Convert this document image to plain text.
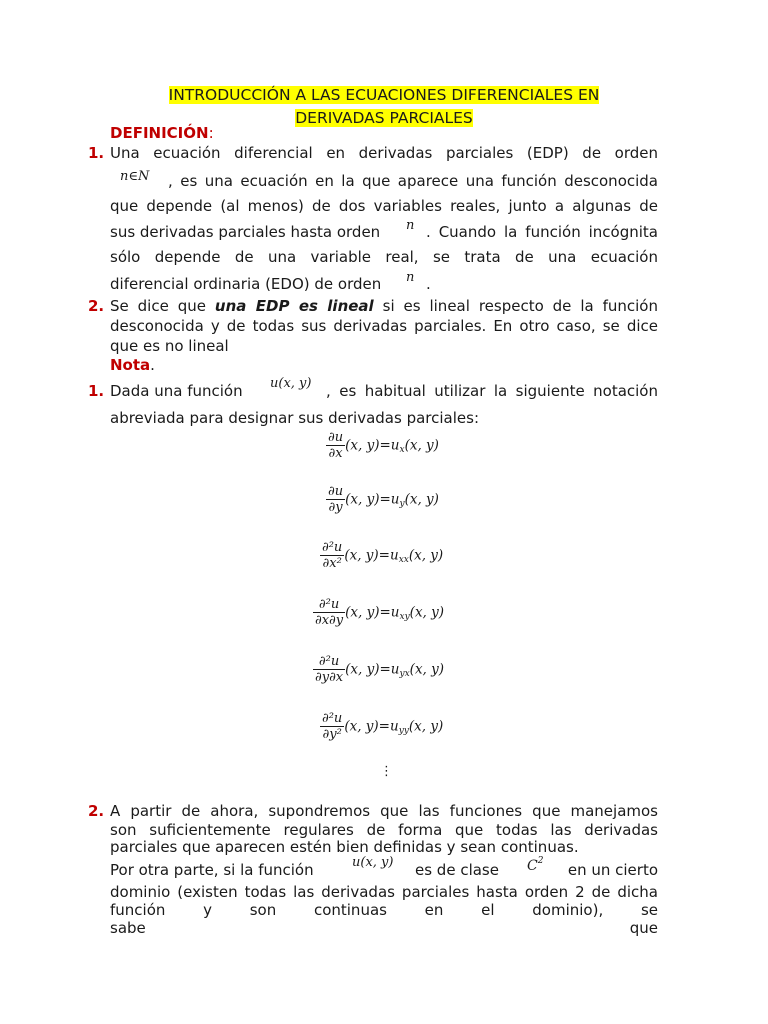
INTRODUCCIÓN A LAS ECUACIONES DIFERENCIALES EN
DERIVADAS PARCIALES
DEFINICIÓN:
1. Una ecuación diferencial en derivadas parciales (EDP) de orden
n∈N	, es una ecuación en la que aparece una función desconocida
que depende (al menos) de dos variables reales, junto a algunas de
sus derivadas parciales hasta orden n . Cuando la función incógnita
sólo depende de una variable real, se trata de una ecuación
diferencial ordinaria (EDO) de orden n .
2. Se dice que una EDP es lineal si es lineal respecto de la función
desconocida y de todas sus derivadas parciales. En otro caso, se dice
que es no lineal
Nota.
1. Dada una función u(x, y) , es habitual utilizar la siguiente notación
abreviada para designar sus derivadas parciales:
$\frac{\partial u}{\partial x} (x$, $y)=u_x(x$, y)
$\frac{\partial u}{\partial y} (x$, $y)=u_y(x$, y)
$\frac{\text{∂²u}}{\text{∂x²}} (x$, $y)=u_{xx}(x$, y)
$\frac{\text{∂²u}}{\partial x\partial y} (x$, $y)=u_{xy}(x$, y)
$\frac{\text{∂²u}}{\partial y\partial x} (x$, $y)=u_{yx}(x$, y)
$\frac{\text{∂²u}}{\text{∂y²}} (x$, $y)=u_{yy}(x$, y)
⋮
2. A partir de ahora, supondremos que las funciones que manejamos
son suficientemente regulares de forma que todas las derivadas
parciales que aparecen estén bien definidas y sean continuas.
Por otra parte, si la función	u(x, y) es de clase $C^2$	en un cierto
dominio (existen todas las derivadas parciales hasta orden 2 de dicha
función y son continuas en el dominio), se sabe que
